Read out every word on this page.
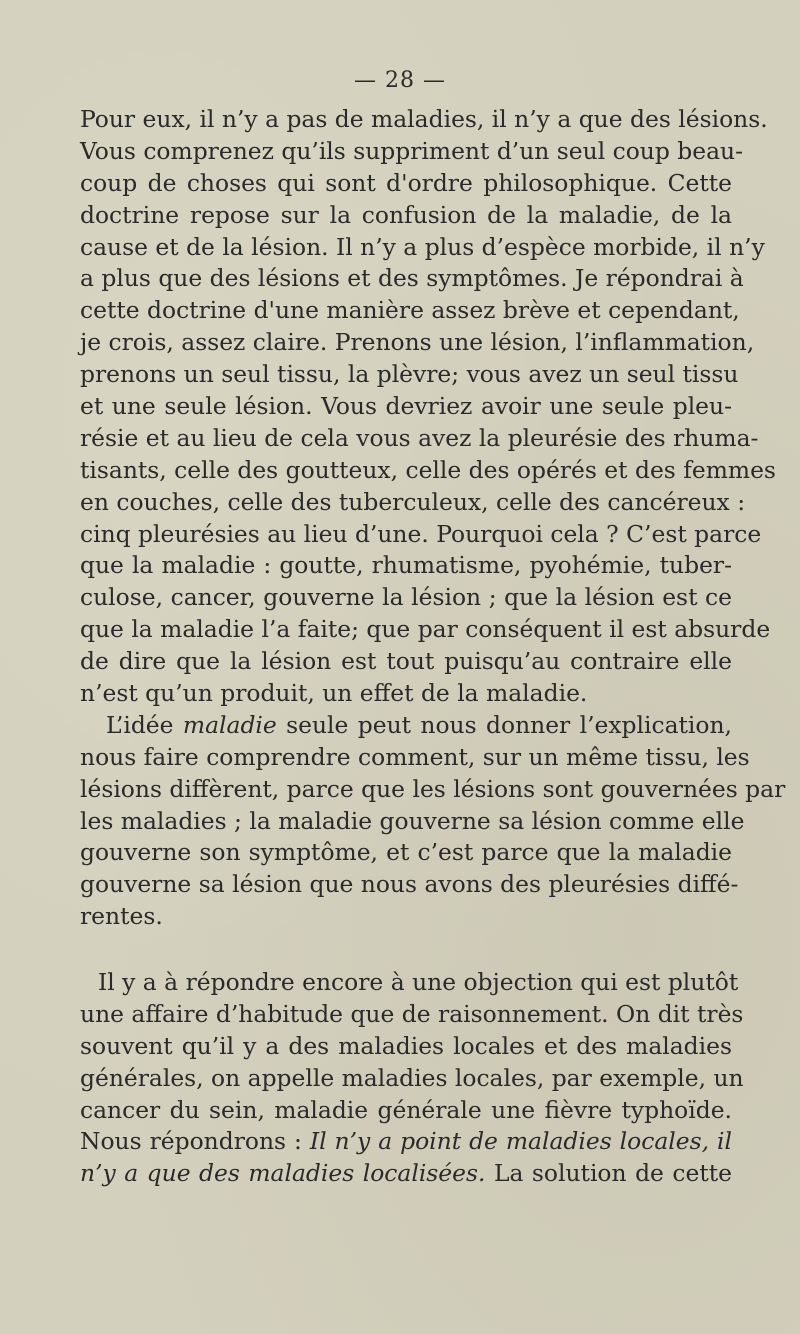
— 28 —
Pour eux, il n’y a pas de maladies, il n’y a que des lésions.
Vous comprenez qu’ils suppriment d’un seul coup beau-
coup de choses qui sont d'ordre philosophique. Cette
doctrine repose sur la confusion de la maladie, de la
cause et de la lésion. Il n’y a plus d’espèce morbide, il n’y
a plus que des lésions et des symptômes. Je répondrai à
cette doctrine d'une manière assez brève et cependant,
je crois, assez claire. Prenons une lésion, l’inflammation,
prenons un seul tissu, la plèvre; vous avez un seul tissu
et une seule lésion. Vous devriez avoir une seule pleu-
résie et au lieu de cela vous avez la pleurésie des rhuma-
tisants, celle des goutteux, celle des opérés et des femmes
en couches, celle des tuberculeux, celle des cancéreux :
cinq pleurésies au lieu d’une. Pourquoi cela ? C’est parce
que la maladie : goutte, rhumatisme, pyohémie, tuber-
culose, cancer, gouverne la lésion ; que la lésion est ce
que la maladie l’a faite; que par conséquent il est absurde
de dire que la lésion est tout puisqu’au contraire elle
n’est qu’un produit, un effet de la maladie.
L’idée maladie seule peut nous donner l’explication,
nous faire comprendre comment, sur un même tissu, les
lésions diffèrent, parce que les lésions sont gouvernées par
les maladies ; la maladie gouverne sa lésion comme elle
gouverne son symptôme, et c’est parce que la maladie
gouverne sa lésion que nous avons des pleurésies diffé-
rentes.
Il y a à répondre encore à une objection qui est plutôt
une affaire d’habitude que de raisonnement. On dit très
souvent qu’il y a des maladies locales et des maladies
générales, on appelle maladies locales, par exemple, un
cancer du sein, maladie générale une fièvre typhoïde.
Nous répondrons : Il n’y a point de maladies locales, il
n’y a que des maladies localisées. La solution de cette
